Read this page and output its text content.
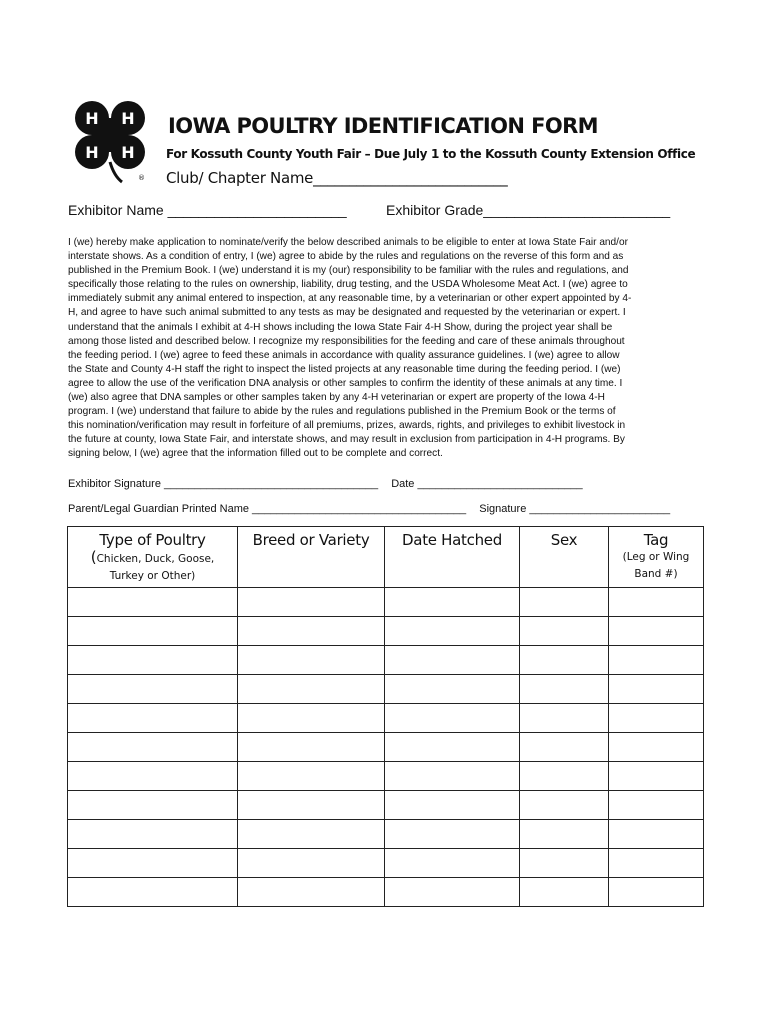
H H
H H
®
IOWA POULTRY IDENTIFICATION FORM
For Kossuth County Youth Fair – Due July 1 to the Kossuth County Extension Office
Club/ Chapter Name___________________________
Exhibitor Name _______________________	Exhibitor Grade________________________

I (we) hereby make application to nominate/verify the below described animals to be eligible to enter at Iowa State Fair and/or
interstate shows. As a condition of entry, I (we) agree to abide by the rules and regulations on the reverse of this form and as
published in the Premium Book. I (we) understand it is my (our) responsibility to be familiar with the rules and regulations, and
specifically those relating to the rules on ownership, liability, drug testing, and the USDA Wholesome Meat Act. I (we) agree to
immediately submit any animal entered to inspection, at any reasonable time, by a veterinarian or other expert appointed by 4-
H, and agree to have such animal submitted to any tests as may be designated and requested by the veterinarian or expert. I
understand that the animals I exhibit at 4-H shows including the Iowa State Fair 4-H Show, during the project year shall be
among those listed and described below. I recognize my responsibilities for the feeding and care of these animals throughout
the feeding period. I (we) agree to feed these animals in accordance with quality assurance guidelines. I (we) agree to allow
the State and County 4-H staff the right to inspect the listed projects at any reasonable time during the feeding period. I (we)
agree to allow the use of the verification DNA analysis or other samples to confirm the identity of these animals at any time. I
(we) also agree that DNA samples or other samples taken by any 4-H veterinarian or expert are property of the Iowa 4-H
program. I (we) understand that failure to abide by the rules and regulations published in the Premium Book or the terms of
this nomination/verification may result in forfeiture of all premiums, prizes, awards, rights, and privileges to exhibit livestock in
the future at county, Iowa State Fair, and interstate shows, and may result in exclusion from participation in 4-H programs. By
signing below, I (we) agree that the information filled out to be complete and correct.

Exhibitor Signature ___________________________________ Date ___________________________
Parent/Legal Guardian Printed Name ___________________________________ Signature _______________________
Type of Poultry
(Chicken, Duck, Goose,
Turkey or Other)	Breed or Variety	Date Hatched	Sex	Tag
(Leg or Wing
Band #)
